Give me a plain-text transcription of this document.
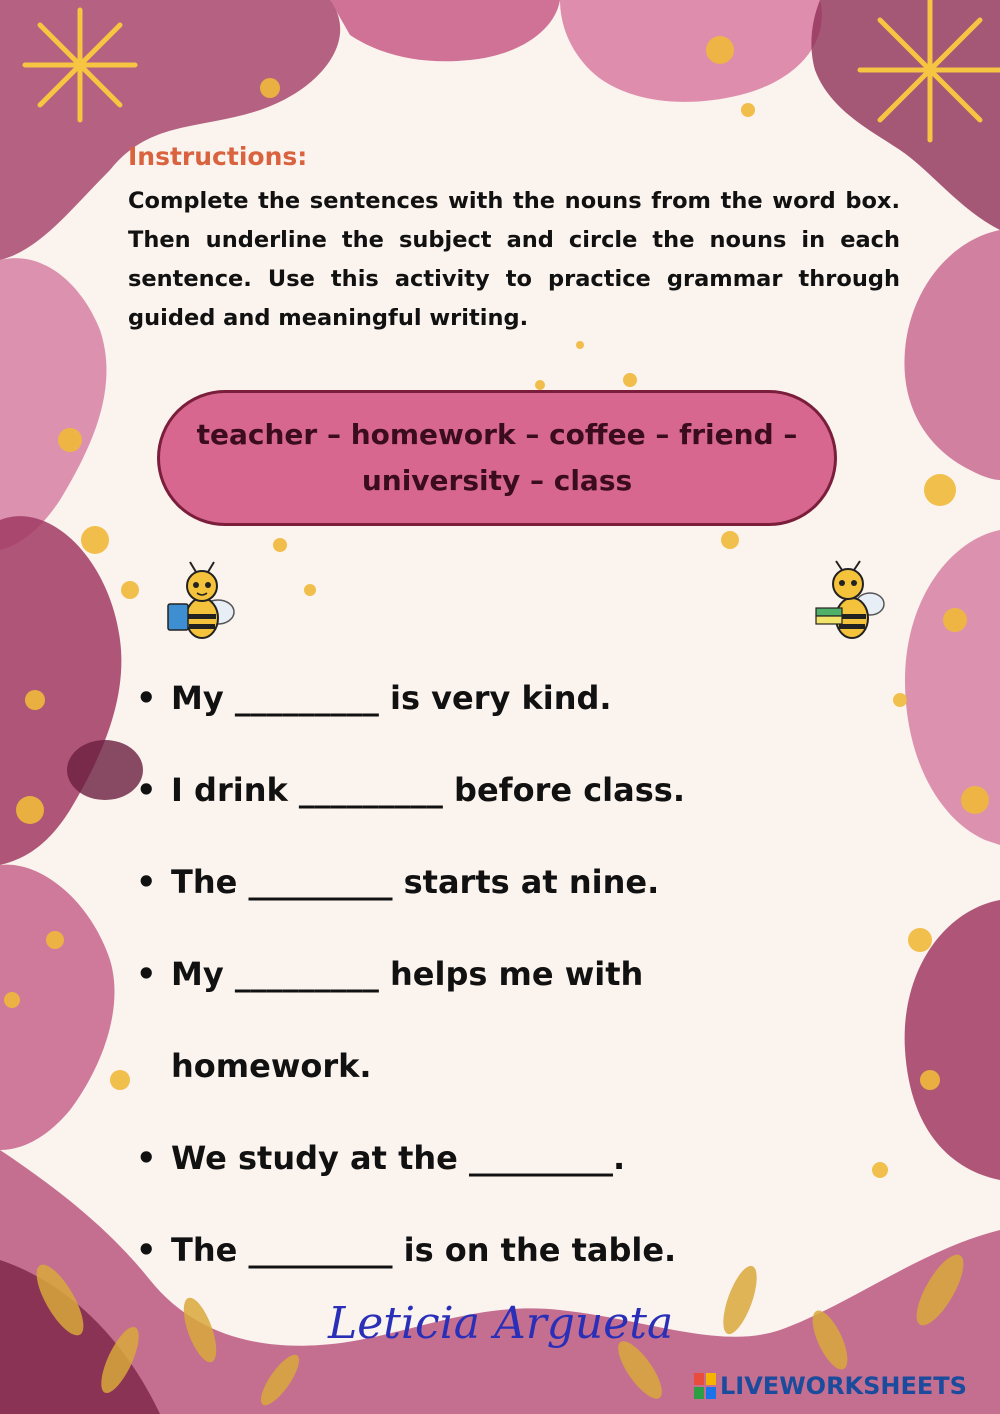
Instructions:

Complete the sentences with the nouns from the word box. Then underline the subject and circle the nouns in each sentence. Use this activity to practice grammar through guided and meaningful writing.

teacher – homework – coffee – friend – university – class
• My _________ is very kind.
• I drink _________ before class.
• The _________ starts at nine.
• My _________ helps me with
homework.
• We study at the _________.
• The _________ is on the table.

Leticia Argueta

LIVEWORKSHEETS
